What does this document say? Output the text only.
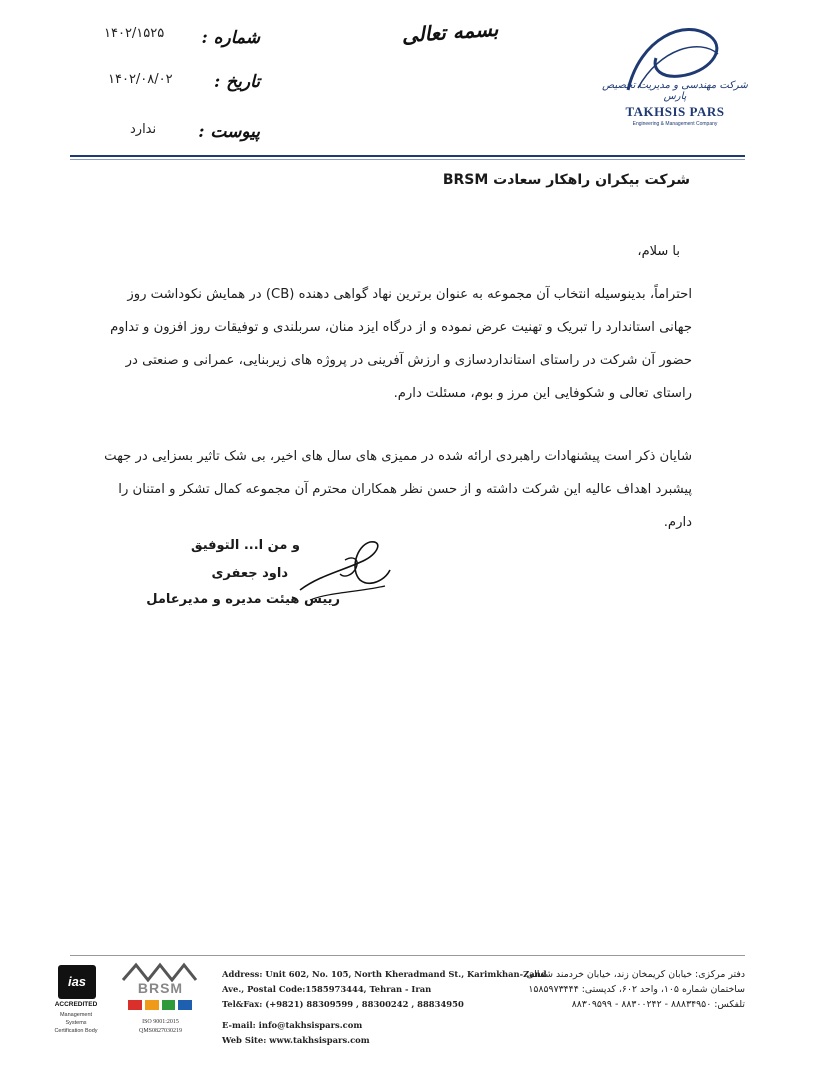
شماره :
۱۴۰۲/۱۵۲۵
تاریخ :
۱۴۰۲/۰۸/۰۲
پیوست :
ندارد
بسمه تعالی
شرکت مهندسی و مدیریت تخصیص پارس
TAKHSIS PARS
Engineering & Management Company
شرکت بیکران راهکار سعادت BRSM
با سلام،
احتراماً، بدینوسیله انتخاب آن مجموعه به عنوان برترین نهاد گواهی دهنده (CB) در همایش نکوداشت روز جهانی استاندارد را تبریک و تهنیت عرض نموده و از درگاه ایزد منان، سربلندی و توفیقات روز افزون و تداوم حضور آن شرکت در راستای استانداردسازی و ارزش آفرینی در پروژه های زیربنایی، عمرانی و صنعتی در راستای تعالی و شکوفایی این مرز و بوم، مسئلت دارم.
شایان ذکر است پیشنهادات راهبردی ارائه شده در ممیزی های سال های اخیر، بی شک تاثیر بسزایی در جهت پیشبرد اهداف عالیه این شرکت داشته و از حسن نظر همکاران محترم آن مجموعه کمال تشکر و امتنان را دارم.
و من ا... التوفیق
داود جعفری
رییس هیئت مدیره و مدیرعامل
ias
ACCREDITED
Management
Systems
Certification Body
BRSM
ISO 9001:2015
QMS0827030219
Address: Unit 602, No. 105, North Kheradmand St., Karimkhan-Zand
Ave., Postal Code:1585973444, Tehran - Iran
Tel&Fax: (+9821) 88309599 , 88300242 , 88834950
E-mail: info@takhsispars.com
Web Site: www.takhsispars.com
دفتر مرکزی: خیابان کریمخان زند، خیابان خردمند شمالی،
ساختمان شماره ۱۰۵، واحد ۶۰۲، کدپستی: ۱۵۸۵۹۷۳۴۴۴
تلفکس: ۸۸۸۳۴۹۵۰ - ۸۸۳۰۰۲۴۲ - ۸۸۳۰۹۵۹۹
